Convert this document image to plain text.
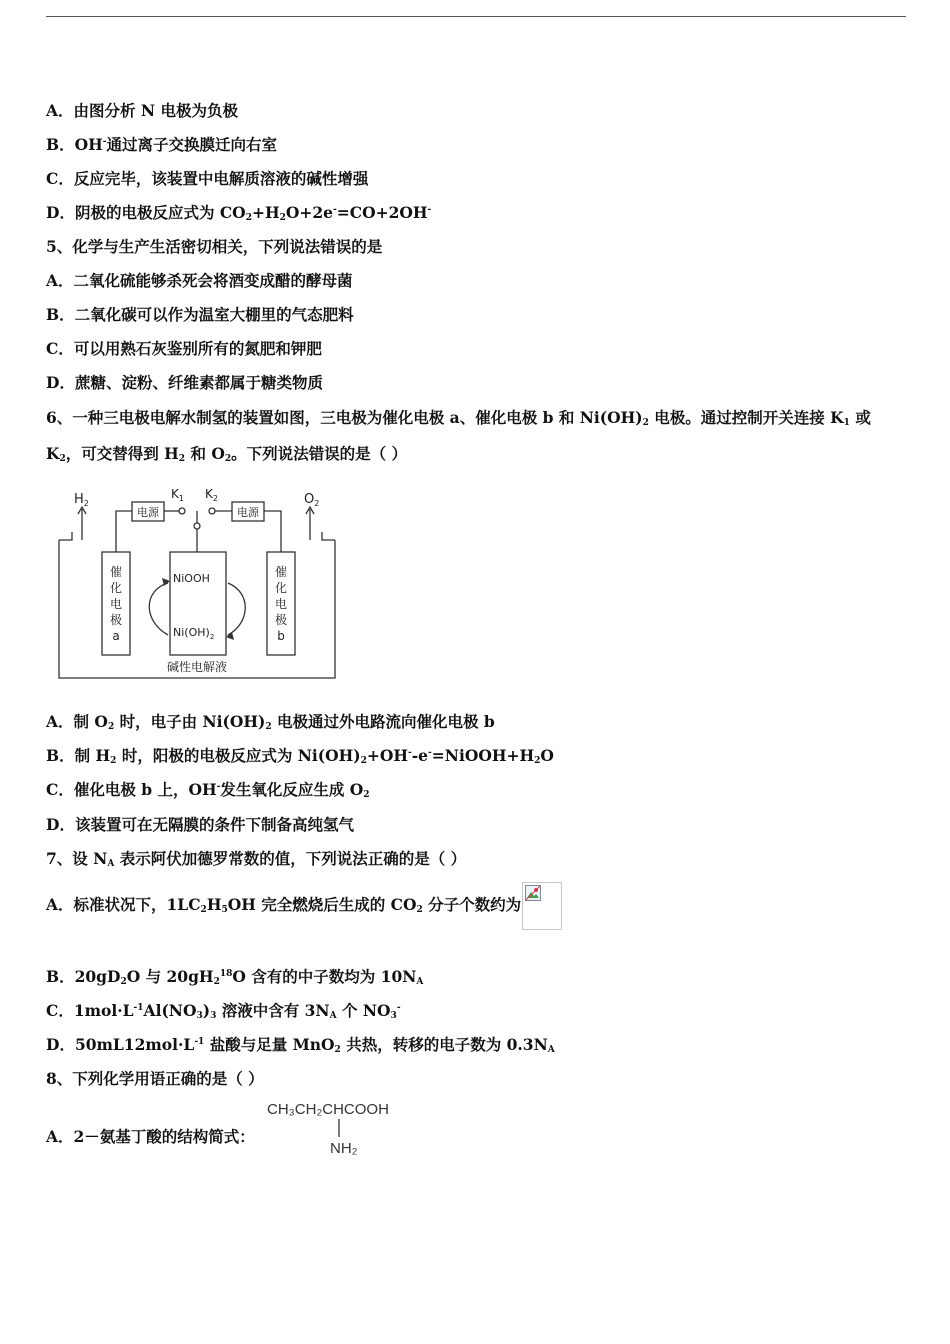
A．由图分析 N 电极为负极
B．OH-通过离子交换膜迁向右室
C．反应完毕，该装置中电解质溶液的碱性增强
D．阴极的电极反应式为 $CO_2+H_2O+2e^-=CO+2OH^-$
5、化学与生产生活密切相关，下列说法错误的是
A．二氧化硫能够杀死会将酒变成醋的酵母菌
B．二氧化碳可以作为温室大棚里的气态肥料
C．可以用熟石灰鉴别所有的氮肥和钾肥
D．蔗糖、淀粉、纤维素都属于糖类物质
6、一种三电极电解水制氢的装置如图，三电极为催化电极 a、催化电极 b 和 $Ni(OH)_2$ 电极。通过控制开关连接 $K_1$ 或
$K_2$，可交替得到 $H_2$ 和 $O_2$。下列说法错误的是（ ）
$H_2$	$O_2$
$K_1$ $K_2$
电源	电源
催
化
电
极
a
催
化
电
极
b
NiOOH
$Ni(OH)_2$
碱性电解液
A．制 $O_2$ 时，电子由 $Ni(OH)_2$ 电极通过外电路流向催化电极 b
B．制 $H_2$ 时，阳极的电极反应式为 $Ni(OH)_2+OH^--e^-=NiOOH+H_2O$
C．催化电极 b 上，OH-发生氧化反应生成 $O_2$
D．该装置可在无隔膜的条件下制备高纯氢气
7、设 $N_A$ 表示阿伏加德罗常数的值，下列说法正确的是（ ）
A．标准状况下，$1LC_2H_5OH$ 完全燃烧后生成的 $CO_2$ 分子个数约为
B．$20gD_2O$ 与 $20gH_2^{18}O$ 含有的中子数均为 $10N_A$
C．$1mol\cdot L^{-1}Al(NO_3)_3$ 溶液中含有 $3N_A$ 个 $NO_3^-$
D．$50mL12mol\cdot L^{-1}$ 盐酸与足量 MnO$_2$ 共热，转移的电子数为 $0.3N_A$
8、下列化学用语正确的是（ ）
A．2－氨基丁酸的结构简式：
CH₃CH₂CHCOOH
NH₂
